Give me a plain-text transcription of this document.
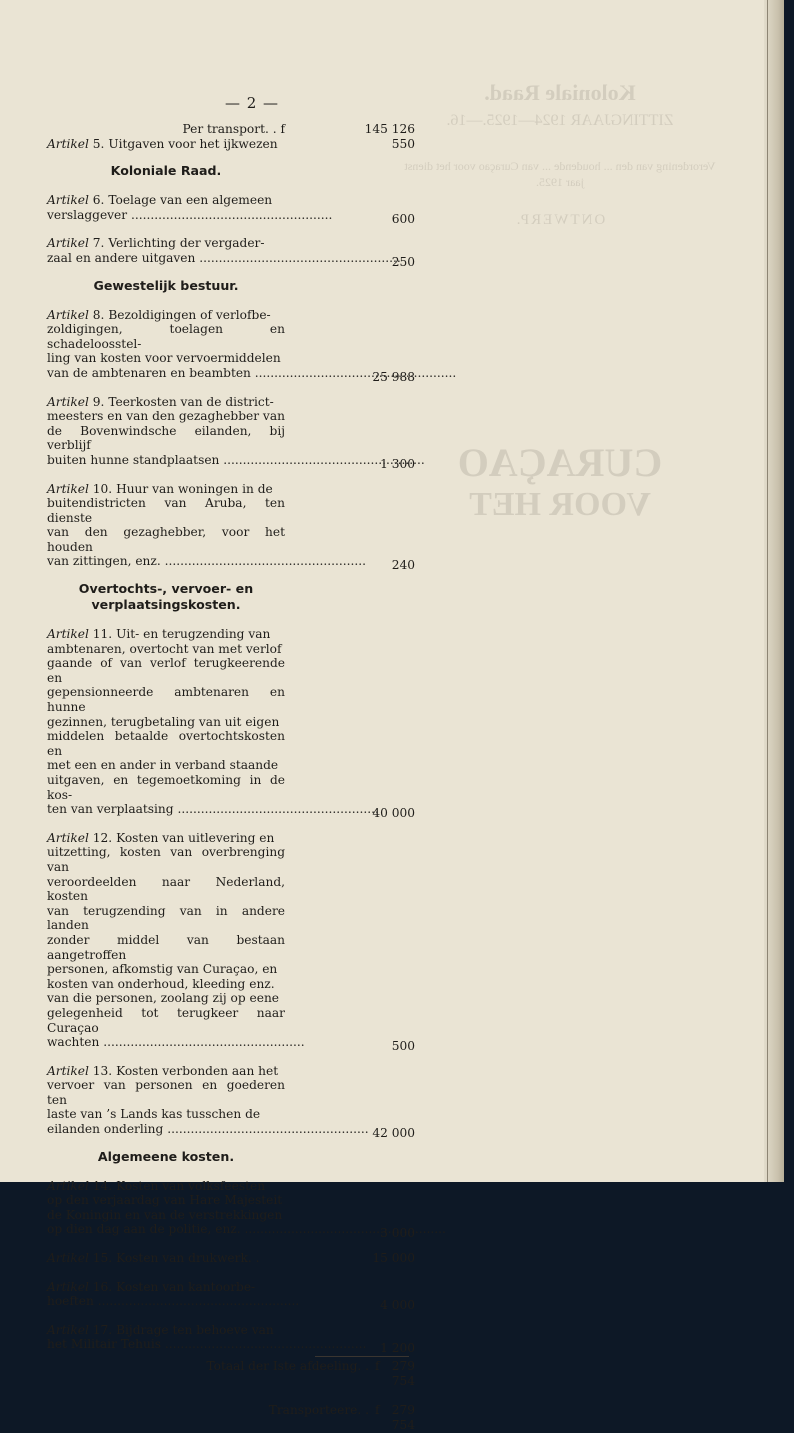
Koloniale Raad.
ZITTINGJAAR 1924—1925.—16.
Verordening van den ... houdende ... van Curaçao voor het dienst jaar 1925.
ONTWERP.
CURAÇAO
VOOR HET
— 2 —
Per transport. . f	145 126
Artikel 5. Uitgaven voor het ijkwezen	550
Koloniale Raad.
Artikel 6. Toelage van een algemeen
verslaggever .....	600
Artikel 7. Verlichting der vergader-
zaal en andere uitgaven .....	250
Gewestelijk bestuur.
Artikel 8. Bezoldigingen of verlofbe-
zoldigingen, toelagen en schadeloosstel-
ling van kosten voor vervoermiddelen
van de ambtenaren en beambten .....	25 988
Artikel 9. Teerkosten van de district-
meesters en van den gezaghebber van
de Bovenwindsche eilanden, bij verblijf
buiten hunne standplaatsen .....	1 300
Artikel 10. Huur van woningen in de
buitendistricten van Aruba, ten dienste
van den gezaghebber, voor het houden
van zittingen, enz. .....	240
Overtochts-, vervoer- en
verplaatsingskosten.
Artikel 11. Uit- en terugzending van
ambtenaren, overtocht van met verlof
gaande of van verlof terugkeerende en
gepensionneerde ambtenaren en hunne
gezinnen, terugbetaling van uit eigen
middelen betaalde overtochtskosten en
met een en ander in verband staande
uitgaven, en tegemoetkoming in de kos-
ten van verplaatsing .....	40 000
Artikel 12. Kosten van uitlevering en
uitzetting, kosten van overbrenging van
veroordeelden naar Nederland, kosten
van terugzending van in andere landen
zonder middel van bestaan aangetroffen
personen, afkomstig van Curaçao, en
kosten van onderhoud, kleeding enz.
van die personen, zoolang zij op eene
gelegenheid tot terugkeer naar Curaçao
wachten .....	500
Artikel 13. Kosten verbonden aan het
vervoer van personen en goederen ten
laste van ’s Lands kas tusschen de
eilanden onderling .....	42 000
Algemeene kosten.
Artikel 14. Kosten van volksfeesten
op den verjaardag van Hare Majesteit
de Koningin en van de verstrekkingen
op dien dag aan de politie, enz. .....	3 000
Artikel 15. Kosten van drukwerk. .	15 000
Artikel 16. Kosten van kantoorbe-
hoeften .....	4 000
Artikel 17. Bijdrage ten behoeve van
het Militair Tehuis .....	1 200
Totaal der Iste afdeeling. . f	279 754
Transporteere. . f	279 754
